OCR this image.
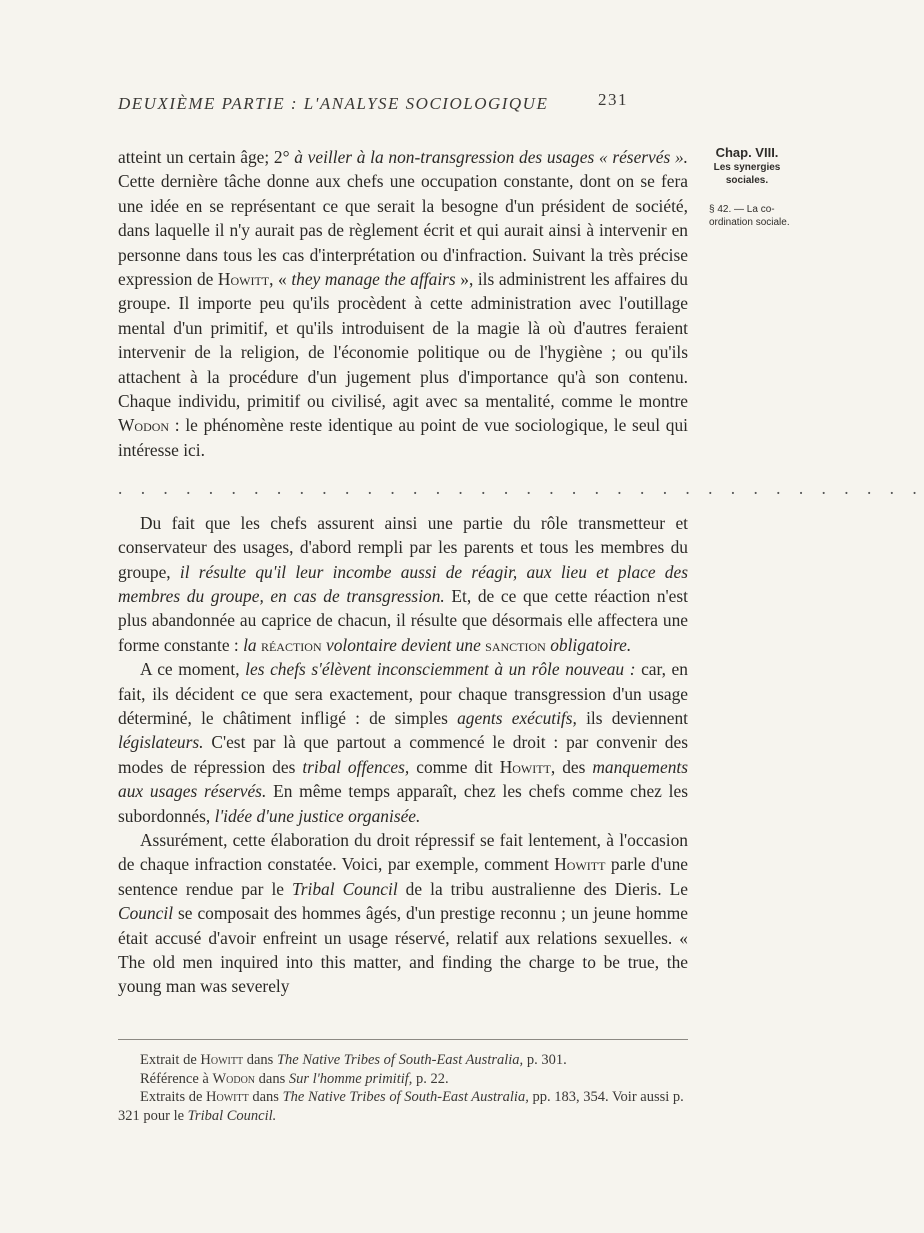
DEUXIÈME PARTIE : L'ANALYSE SOCIOLOGIQUE	231
Chap. VIII.
Les synergies
sociales.
§ 42. — La co-ordination sociale.

atteint un certain âge; 2° à veiller à la non-transgression des usages « réservés ». Cette dernière tâche donne aux chefs une occupation constante, dont on se fera une idée en se représentant ce que serait la besogne d'un président de société, dans laquelle il n'y aurait pas de règlement écrit et qui aurait ainsi à intervenir en personne dans tous les cas d'interprétation ou d'infraction. Suivant la très précise expression de Howitt, « they manage the affairs », ils administrent les affaires du groupe. Il importe peu qu'ils procèdent à cette administration avec l'outillage mental d'un primitif, et qu'ils introduisent de la magie là où d'autres feraient intervenir de la religion, de l'économie politique ou de l'hygiène ; ou qu'ils attachent à la procédure d'un jugement plus d'importance qu'à son contenu. Chaque individu, primitif ou civilisé, agit avec sa mentalité, comme le montre Wodon : le phénomène reste identique au point de vue sociologique, le seul qui intéresse ici.

. . . . . . . . . . . . . . . . . . . . . . . . . . . . . . . . . . . .

Du fait que les chefs assurent ainsi une partie du rôle transmetteur et conservateur des usages, d'abord rempli par les parents et tous les membres du groupe, il résulte qu'il leur incombe aussi de réagir, aux lieu et place des membres du groupe, en cas de transgression. Et, de ce que cette réaction n'est plus abandonnée au caprice de chacun, il résulte que désormais elle affectera une forme constante : la réaction volontaire devient une sanction obligatoire.

A ce moment, les chefs s'élèvent inconsciemment à un rôle nouveau : car, en fait, ils décident ce que sera exactement, pour chaque transgression d'un usage déterminé, le châtiment infligé : de simples agents exécutifs, ils deviennent législateurs. C'est par là que partout a commencé le droit : par convenir des modes de répression des tribal offences, comme dit Howitt, des manquements aux usages réservés. En même temps apparaît, chez les chefs comme chez les subordonnés, l'idée d'une justice organisée.

Assurément, cette élaboration du droit répressif se fait lentement, à l'occasion de chaque infraction constatée. Voici, par exemple, comment Howitt parle d'une sentence rendue par le Tribal Council de la tribu australienne des Dieris. Le Council se composait des hommes âgés, d'un prestige reconnu ; un jeune homme était accusé d'avoir enfreint un usage réservé, relatif aux relations sexuelles. « The old men inquired into this matter, and finding the charge to be true, the young man was severely

Extrait de Howitt dans The Native Tribes of South-East Australia, p. 301.

Référence à Wodon dans Sur l'homme primitif, p. 22.

Extraits de Howitt dans The Native Tribes of South-East Australia, pp. 183, 354. Voir aussi p. 321 pour le Tribal Council.
